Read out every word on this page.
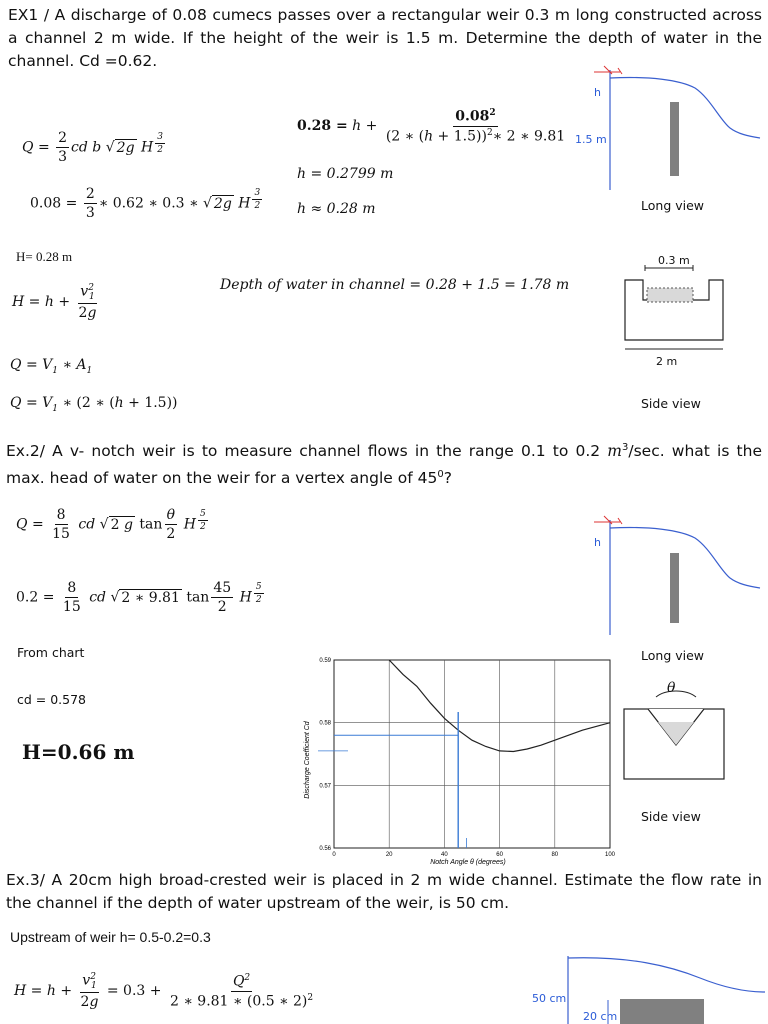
EX1 / A discharge of 0.08 cumecs passes over a rectangular weir 0.3 m long constructed across a channel 2 m wide. If the height of the weir is 1.5 m. Determine the depth of water in the channel. Cd =0.62.
$Q = \frac{2}{3}$ cd b √ 2g H $^{\frac{3}{2}}$
$0.08 = \frac{2}{3}$ ∗ 0.62 ∗ 0.3 ∗ √ 2g H $^{\frac{3}{2}}$
$0.28 = h + \frac{0.08^2}{(2 ∗ (h + 1.5))^2∗ 2 ∗ 9.81}$
h = 0.2799 m
h ≈ 0.28 m
h
1.5 m
Long view
H= 0.28 m
$H = h + \frac{v^2_1}{2g}$	Depth of water in channel = 0.28 + 1.5 = 1.78 m
$Q = V_1$ ∗ $A_1$
$Q = V_1$ ∗ (2 ∗ (h + 1.5))
0.3 m
2 m
Side view
Ex.2/ A v- notch weir is to measure channel flows in the range 0.1 to 0.2 $m^3/\sec$. what is the max. head of water on the weir for a vertex angle of $45^0$?
$Q = \frac{8}{15}$ cd √ 2 g $\tan \frac{\theta}{2}$ H $^{\frac{5}{2}}$
$0.2 = \frac{8}{15}$ cd √ 2 ∗ 9.81 $\tan \frac{45}{2}$ H $^{\frac{5}{2}}$
From chart
cd = 0.578
H=0.66 m
h
Long view
θ
Side view
0	20	40	60	80	100
0.56
0.57
0.58
0.59
Notch Angle θ (degrees)
Discharge Coefficient Cd
Ex.3/ A 20cm high broad-crested weir is placed in 2 m wide channel. Estimate the flow rate in the channel if the depth of water upstream of the weir, is 50 cm.
Upstream of weir h= 0.5-0.2=0.3
$H = h + \frac{v^2_1}{2g} = 0.3 + \frac{Q^2}{2 ∗ 9.81 ∗ (0.5 ∗ 2)^2}$	50 cm
20 cm
